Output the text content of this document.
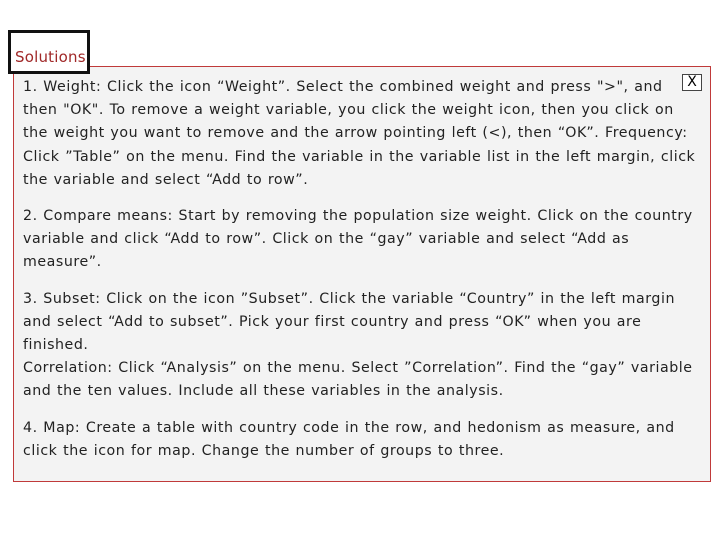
Solutions
X
1. Weight: Click the icon “Weight”. Select the combined weight and press ">", and
then "OK". To remove a weight variable, you click the weight icon, then you click on
the weight you want to remove and the arrow pointing left (<), then “OK”. Frequency:
Click ”Table” on the menu. Find the variable in the variable list in the left margin, click
the variable and select “Add to row”.
2. Compare means: Start by removing the population size weight. Click on the country
variable and click “Add to row”. Click on the “gay” variable and select “Add as
measure”.
3. Subset: Click on the icon ”Subset”. Click the variable “Country” in the left margin
and select “Add to subset”. Pick your first country and press “OK” when you are
finished.
Correlation: Click “Analysis” on the menu. Select ”Correlation”. Find the “gay” variable
and the ten values. Include all these variables in the analysis.
4. Map: Create a table with country code in the row, and hedonism as measure, and
click the icon for map. Change the number of groups to three.
